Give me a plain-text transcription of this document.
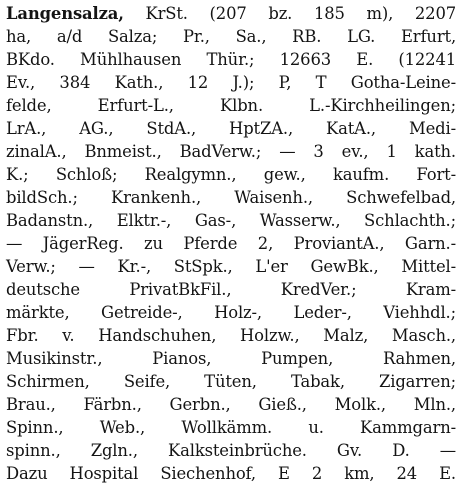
Langensalza, KrSt. (207 bz. 185 m), 2207
ha, a/d Salza; Pr., Sa., RB. LG. Erfurt,
BKdo. Mühlhausen Thür.; 12663 E. (12241
Ev., 384 Kath., 12 J.); P, T Gotha-Leine-
felde, Erfurt-L., Klbn. L.-Kirchheilingen;
LrA., AG., StdA., HptZA., KatA., Medi-
zinalA., Bnmeist., BadVerw.; — 3 ev., 1 kath.
K.; Schloß; Realgymn., gew., kaufm. Fort-
bildSch.; Krankenh., Waisenh., Schwefelbad,
Badanstn., Elktr.-, Gas-, Wasserw., Schlachth.;
— JägerReg. zu Pferde 2, ProviantA., Garn.-
Verw.; — Kr.-, StSpk., L'er GewBk., Mittel-
deutsche PrivatBkFil., KredVer.; Kram-
märkte, Getreide-, Holz-, Leder-, Viehhdl.;
Fbr. v. Handschuhen, Holzw., Malz, Masch.,
Musikinstr., Pianos, Pumpen, Rahmen,
Schirmen, Seife, Tüten, Tabak, Zigarren;
Brau., Färbn., Gerbn., Gieß., Molk., Mln.,
Spinn., Web., Wollkämm. u. Kammgarn-
spinn., Zgln., Kalksteinbrüche. Gv. D. —
Dazu Hospital Siechenhof, E 2 km, 24 E.
